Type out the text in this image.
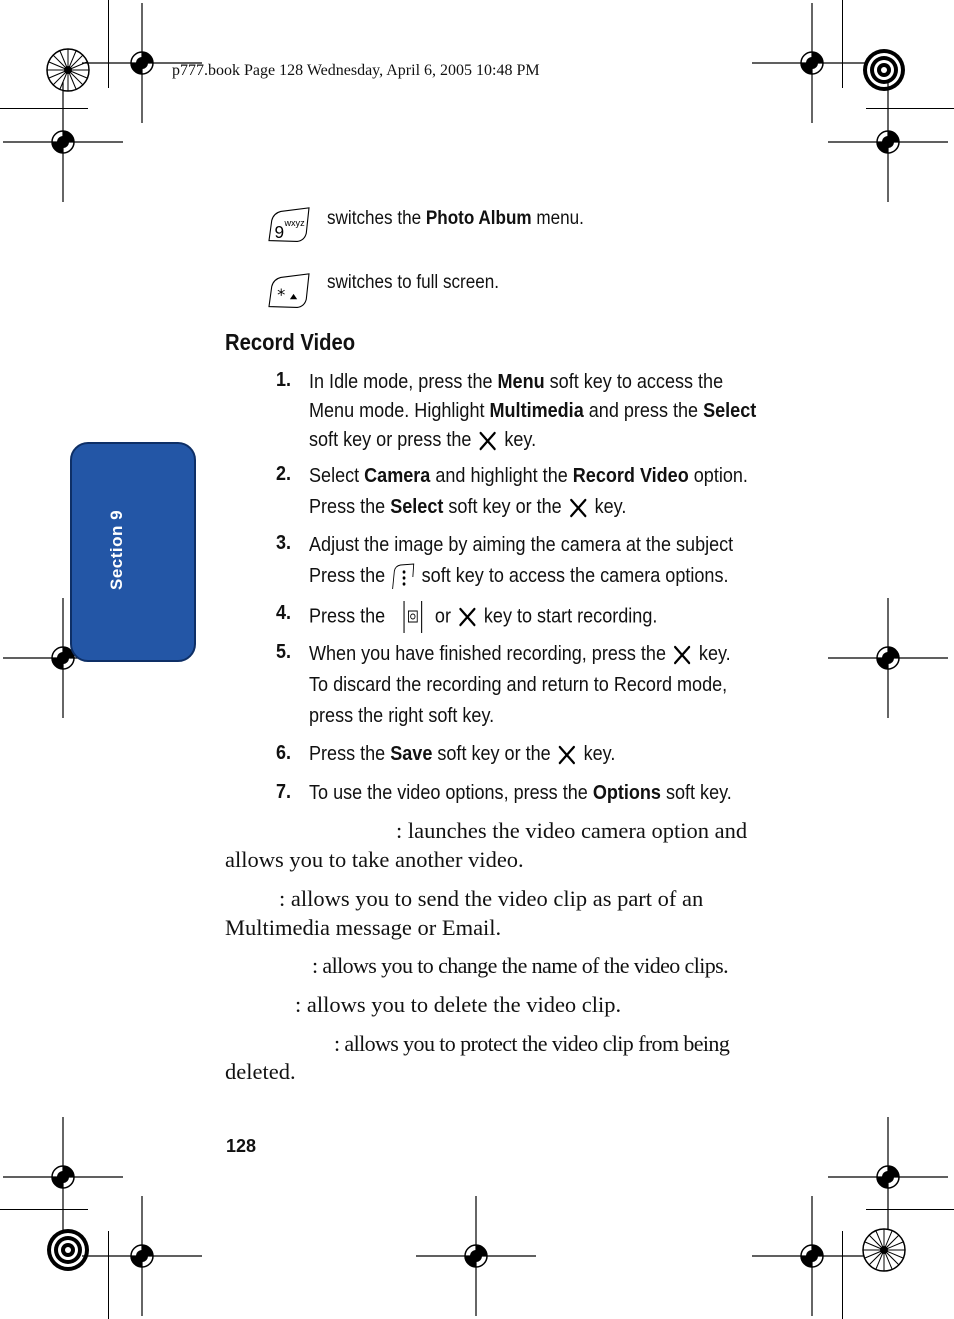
p777.book Page 128 Wednesday, April 6, 2005 10:48 PM
Section 9
9 wxyz switches the Photo Album menu.
*
switches to full screen.
Record Video
1. In Idle mode, press the Menu soft key to access the
Menu mode. Highlight Multimedia and press the Select
soft key or press the key.
2. Select Camera and highlight the Record Video option.
Press the Select soft key or the key.
3. Adjust the image by aiming the camera at the subject
Press the soft key to access the camera options.
4. Press the or key to start recording.
5. When you have finished recording, press the key.
To discard the recording and return to Record mode,
press the right soft key.
6. Press the Save soft key or the key.
7. To use the video options, press the Options soft key.
: launches the video camera option and
allows you to take another video.
: allows you to send the video clip as part of an
Multimedia message or Email.
: allows you to change the name of the video clips.
: allows you to delete the video clip.
: allows you to protect the video clip from being
deleted.
128
